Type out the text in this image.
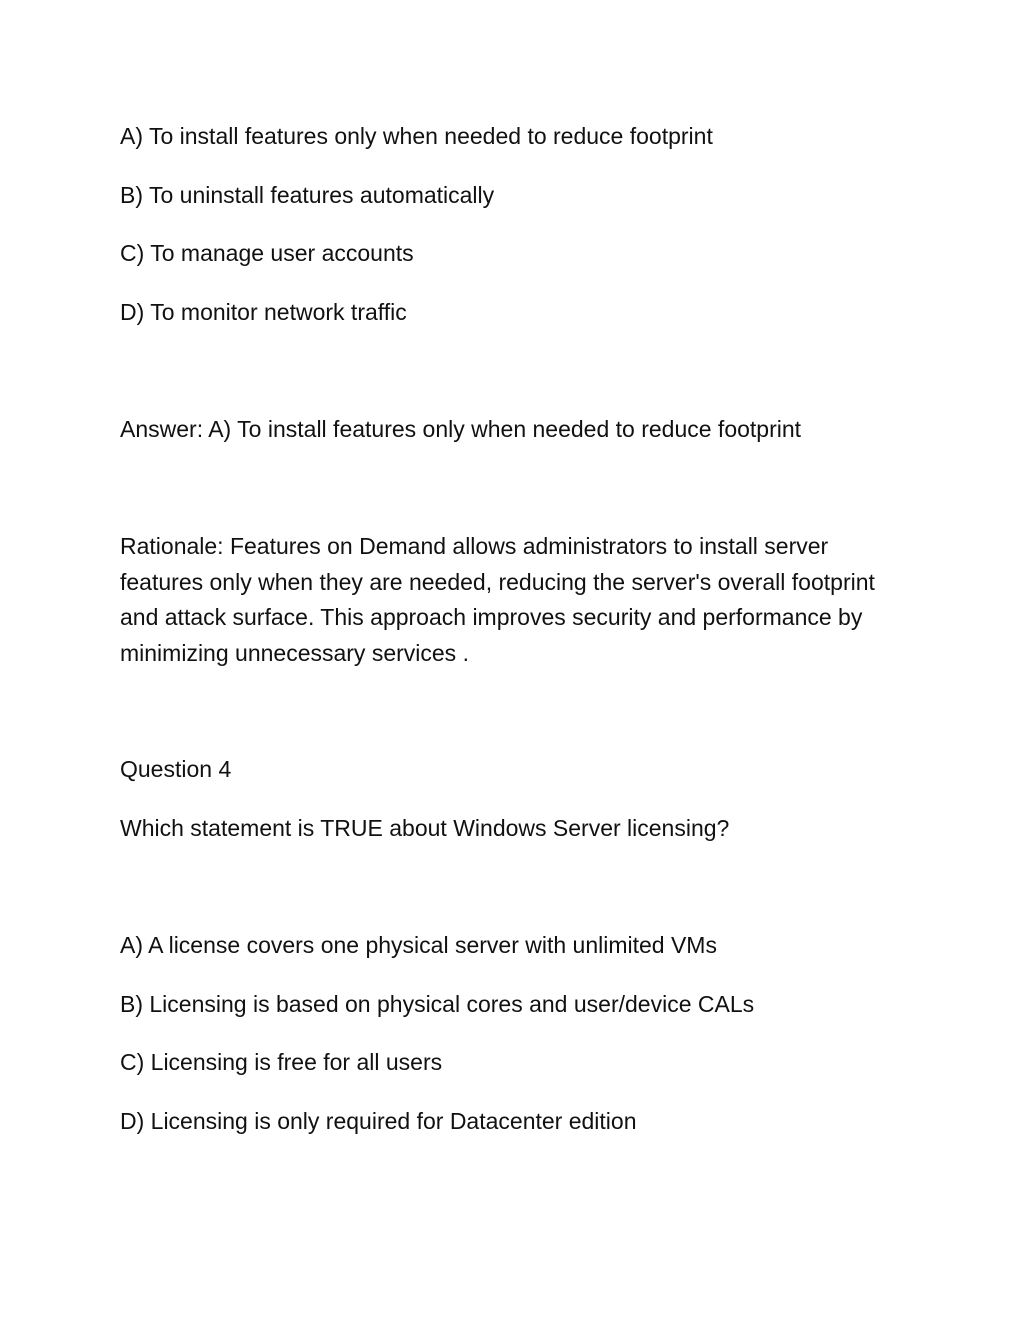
A) To install features only when needed to reduce footprint
B) To uninstall features automatically
C) To manage user accounts
D) To monitor network traffic
Answer: A) To install features only when needed to reduce footprint
Rationale: Features on Demand allows administrators to install server features only when they are needed, reducing the server's overall footprint and attack surface. This approach improves security and performance by minimizing unnecessary services .
Question 4
Which statement is TRUE about Windows Server licensing?
A) A license covers one physical server with unlimited VMs
B) Licensing is based on physical cores and user/device CALs
C) Licensing is free for all users
D) Licensing is only required for Datacenter edition
